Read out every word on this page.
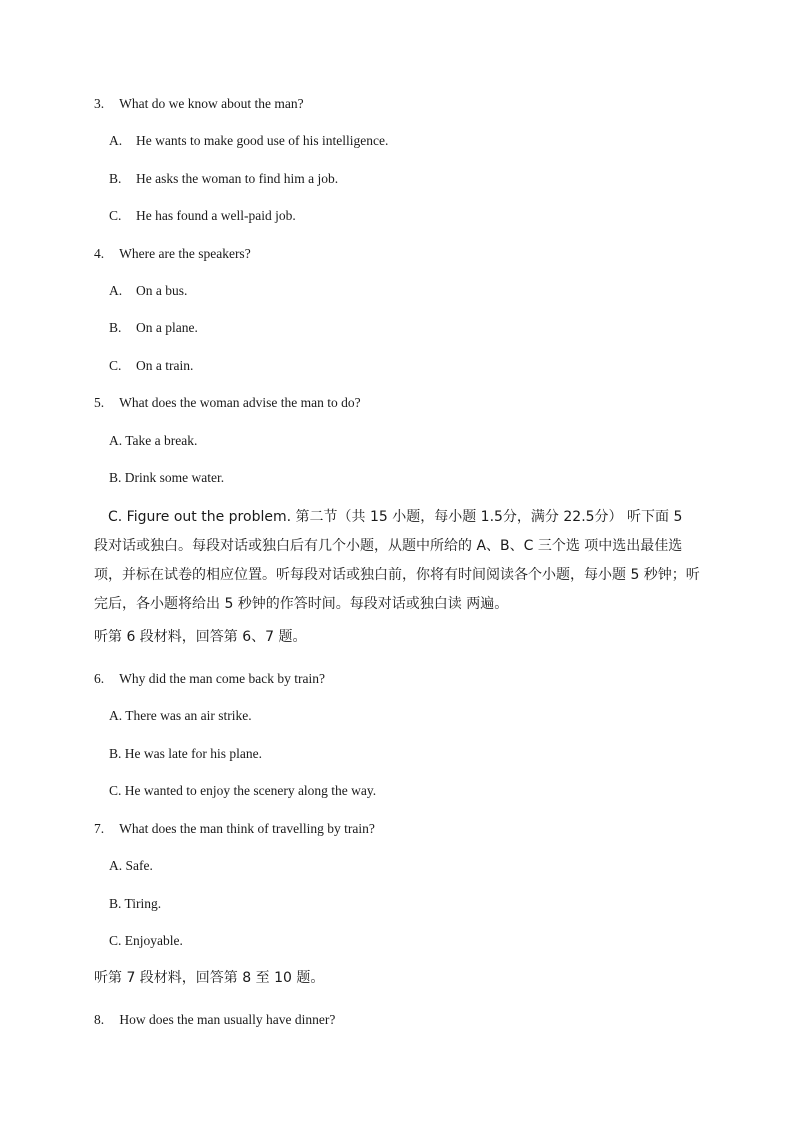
3. What do we know about the man?
A. He wants to make good use of his intelligence.
B. He asks the woman to find him a job.
C. He has found a well-paid job.
4. Where are the speakers?
A. On a bus.
B. On a plane.
C. On a train.
5. What does the woman advise the man to do?
A. Take a break.
B. Drink some water.
C. Figure out the problem. 第二节（共 15 小题，每小题 1.5分，满分 22.5分） 听下面 5 段对话或独白。每段对话或独白后有几个小题，从题中所给的 A、B、C 三个选 项中选出最佳选项，并标在试卷的相应位置。听每段对话或独白前，你将有时间阅读各个小题，每小题 5 秒钟；听完后，各小题将给出 5 秒钟的作答时间。每段对话或独白读 两遍。
听第 6 段材料，回答第 6、7 题。
6. Why did the man come back by train?
A. There was an air strike.
B. He was late for his plane.
C. He wanted to enjoy the scenery along the way.
7. What does the man think of travelling by train?
A. Safe.
B. Tiring.
C. Enjoyable.
听第 7 段材料，回答第 8 至 10 题。
8. How does the man usually have dinner?
